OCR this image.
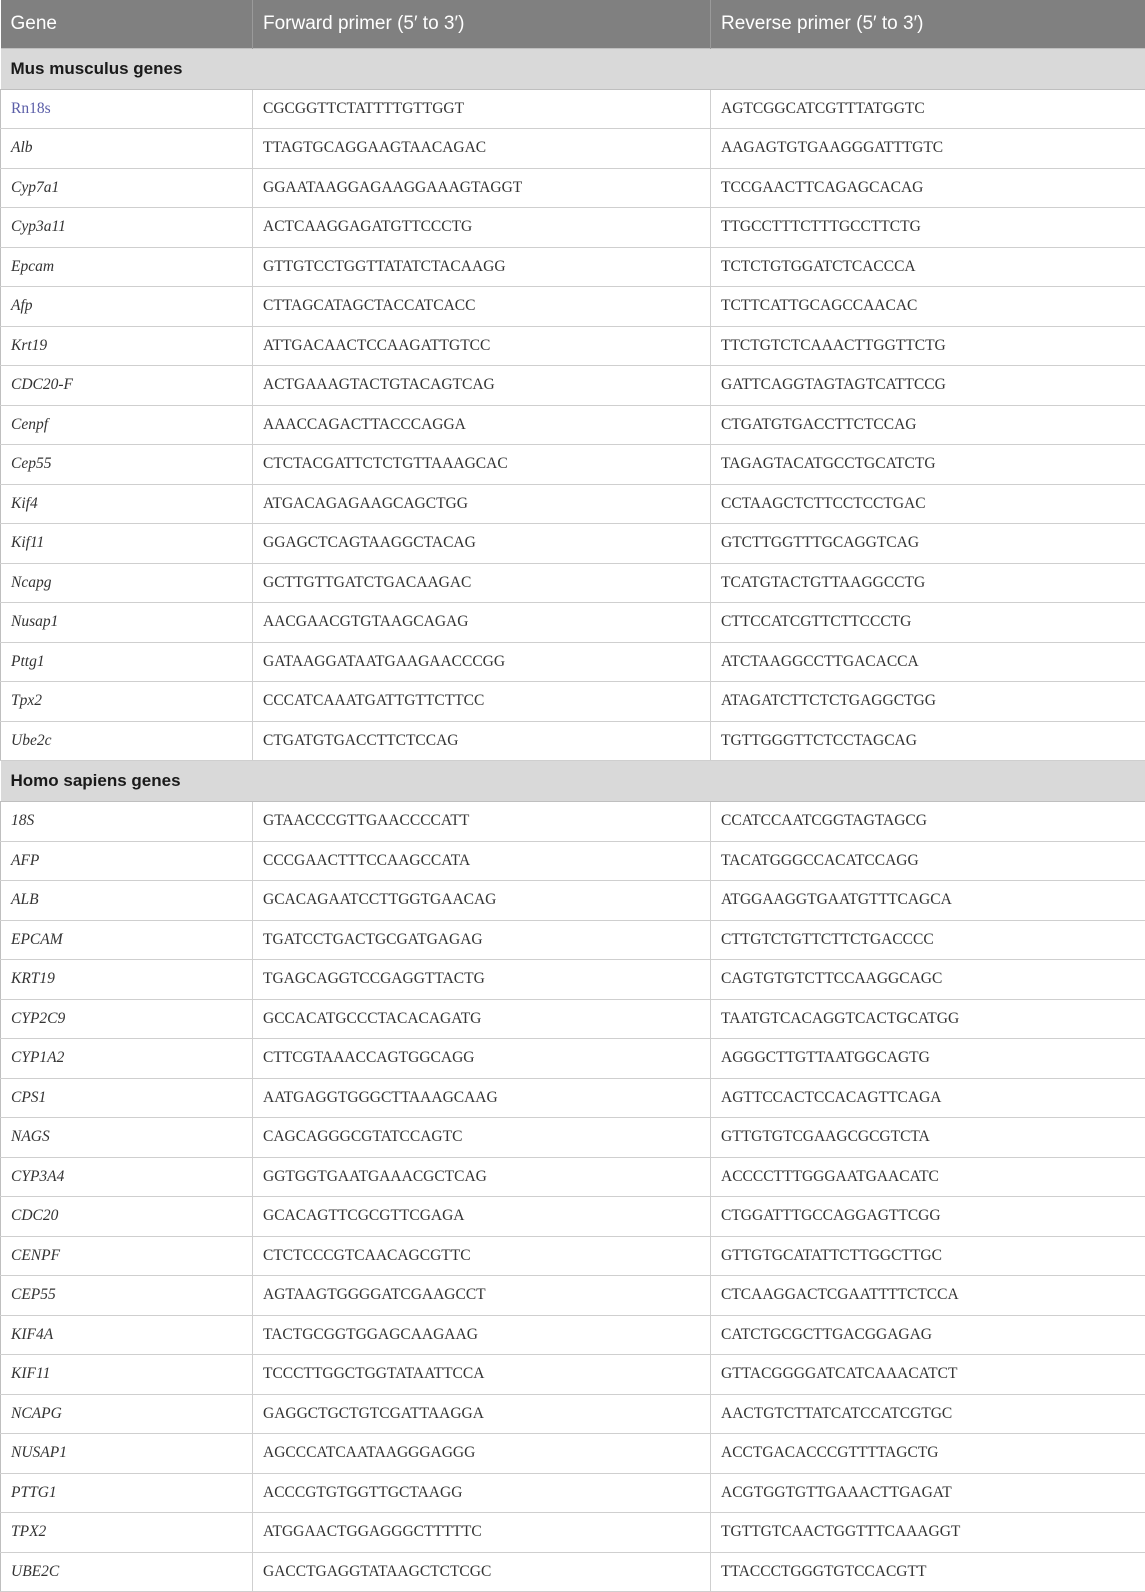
Gene	Forward primer (5′ to 3′)	Reverse primer (5′ to 3′)
Mus musculus genes		
Rn18s	CGCGGTTCTATTTTGTTGGT	AGTCGGCATCGTTTATGGTC
Alb	TTAGTGCAGGAAGTAACAGAC	AAGAGTGTGAAGGGATTTGTC
Cyp7a1	GGAATAAGGAGAAGGAAAGTAGGT	TCCGAACTTCAGAGCACAG
Cyp3a11	ACTCAAGGAGATGTTCCCTG	TTGCCTTTCTTTGCCTTCTG
Epcam	GTTGTCCTGGTTATATCTACAAGG	TCTCTGTGGATCTCACCCA
Afp	CTTAGCATAGCTACCATCACC	TCTTCATTGCAGCCAACAC
Krt19	ATTGACAACTCCAAGATTGTCC	TTCTGTCTCAAACTTGGTTCTG
CDC20-F	ACTGAAAGTACTGTACAGTCAG	GATTCAGGTAGTAGTCATTCCG
Cenpf	AAACCAGACTTACCCAGGA	CTGATGTGACCTTCTCCAG
Cep55	CTCTACGATTCTCTGTTAAAGCAC	TAGAGTACATGCCTGCATCTG
Kif4	ATGACAGAGAAGCAGCTGG	CCTAAGCTCTTCCTCCTGAC
Kif11	GGAGCTCAGTAAGGCTACAG	GTCTTGGTTTGCAGGTCAG
Ncapg	GCTTGTTGATCTGACAAGAC	TCATGTACTGTTAAGGCCTG
Nusap1	AACGAACGTGTAAGCAGAG	CTTCCATCGTTCTTCCCTG
Pttg1	GATAAGGATAATGAAGAACCCGG	ATCTAAGGCCTTGACACCA
Tpx2	CCCATCAAATGATTGTTCTTCC	ATAGATCTTCTCTGAGGCTGG
Ube2c	CTGATGTGACCTTCTCCAG	TGTTGGGTTCTCCTAGCAG
Homo sapiens genes		
18S	GTAACCCGTTGAACCCCATT	CCATCCAATCGGTAGTAGCG
AFP	CCCGAACTTTCCAAGCCATA	TACATGGGCCACATCCAGG
ALB	GCACAGAATCCTTGGTGAACAG	ATGGAAGGTGAATGTTTCAGCA
EPCAM	TGATCCTGACTGCGATGAGAG	CTTGTCTGTTCTTCTGACCCC
KRT19	TGAGCAGGTCCGAGGTTACTG	CAGTGTGTCTTCCAAGGCAGC
CYP2C9	GCCACATGCCCTACACAGATG	TAATGTCACAGGTCACTGCATGG
CYP1A2	CTTCGTAAACCAGTGGCAGG	AGGGCTTGTTAATGGCAGTG
CPS1	AATGAGGTGGGCTTAAAGCAAG	AGTTCCACTCCACAGTTCAGA
NAGS	CAGCAGGGCGTATCCAGTC	GTTGTGTCGAAGCGCGTCTA
CYP3A4	GGTGGTGAATGAAACGCTCAG	ACCCCTTTGGGAATGAACATC
CDC20	GCACAGTTCGCGTTCGAGA	CTGGATTTGCCAGGAGTTCGG
CENPF	CTCTCCCGTCAACAGCGTTC	GTTGTGCATATTCTTGGCTTGC
CEP55	AGTAAGTGGGGATCGAAGCCT	CTCAAGGACTCGAATTTTCTCCA
KIF4A	TACTGCGGTGGAGCAAGAAG	CATCTGCGCTTGACGGAGAG
KIF11	TCCCTTGGCTGGTATAATTCCA	GTTACGGGGATCATCAAACATCT
NCAPG	GAGGCTGCTGTCGATTAAGGA	AACTGTCTTATCATCCATCGTGC
NUSAP1	AGCCCATCAATAAGGGAGGG	ACCTGACACCCGTTTTAGCTG
PTTG1	ACCCGTGTGGTTGCTAAGG	ACGTGGTGTTGAAACTTGAGAT
TPX2	ATGGAACTGGAGGGCTTTTTC	TGTTGTCAACTGGTTTCAAAGGT
UBE2C	GACCTGAGGTATAAGCTCTCGC	TTACCCTGGGTGTCCACGTT
